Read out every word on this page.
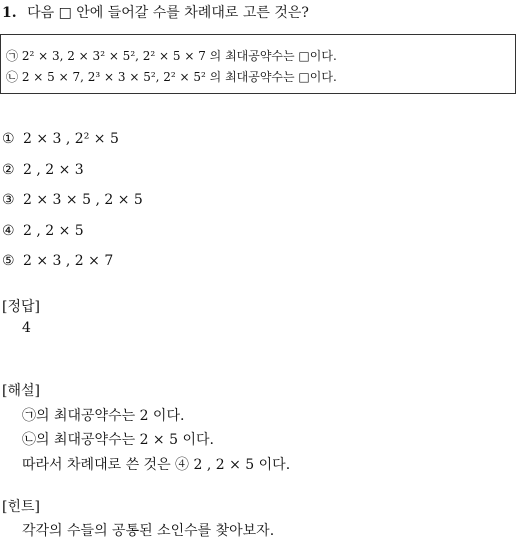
1. 다음 □ 안에 들어갈 수를 차례대로 고른 것은?
㉠ 2² × 3, 2 × 3² × 5², 2² × 5 × 7 의 최대공약수는 □이다.
㉡ 2 × 5 × 7, 2³ × 3 × 5², 2² × 5² 의 최대공약수는 □이다.
① 2 × 3 , 2² × 5
② 2 , 2 × 3
③ 2 × 3 × 5 , 2 × 5
④ 2 , 2 × 5
⑤ 2 × 3 , 2 × 7
[정답]
4
[해설]
㉠의 최대공약수는 2 이다.
㉡의 최대공약수는 2 × 5 이다.
따라서 차례대로 쓴 것은 ④ 2 , 2 × 5 이다.
[힌트]
각각의 수들의 공통된 소인수를 찾아보자.
